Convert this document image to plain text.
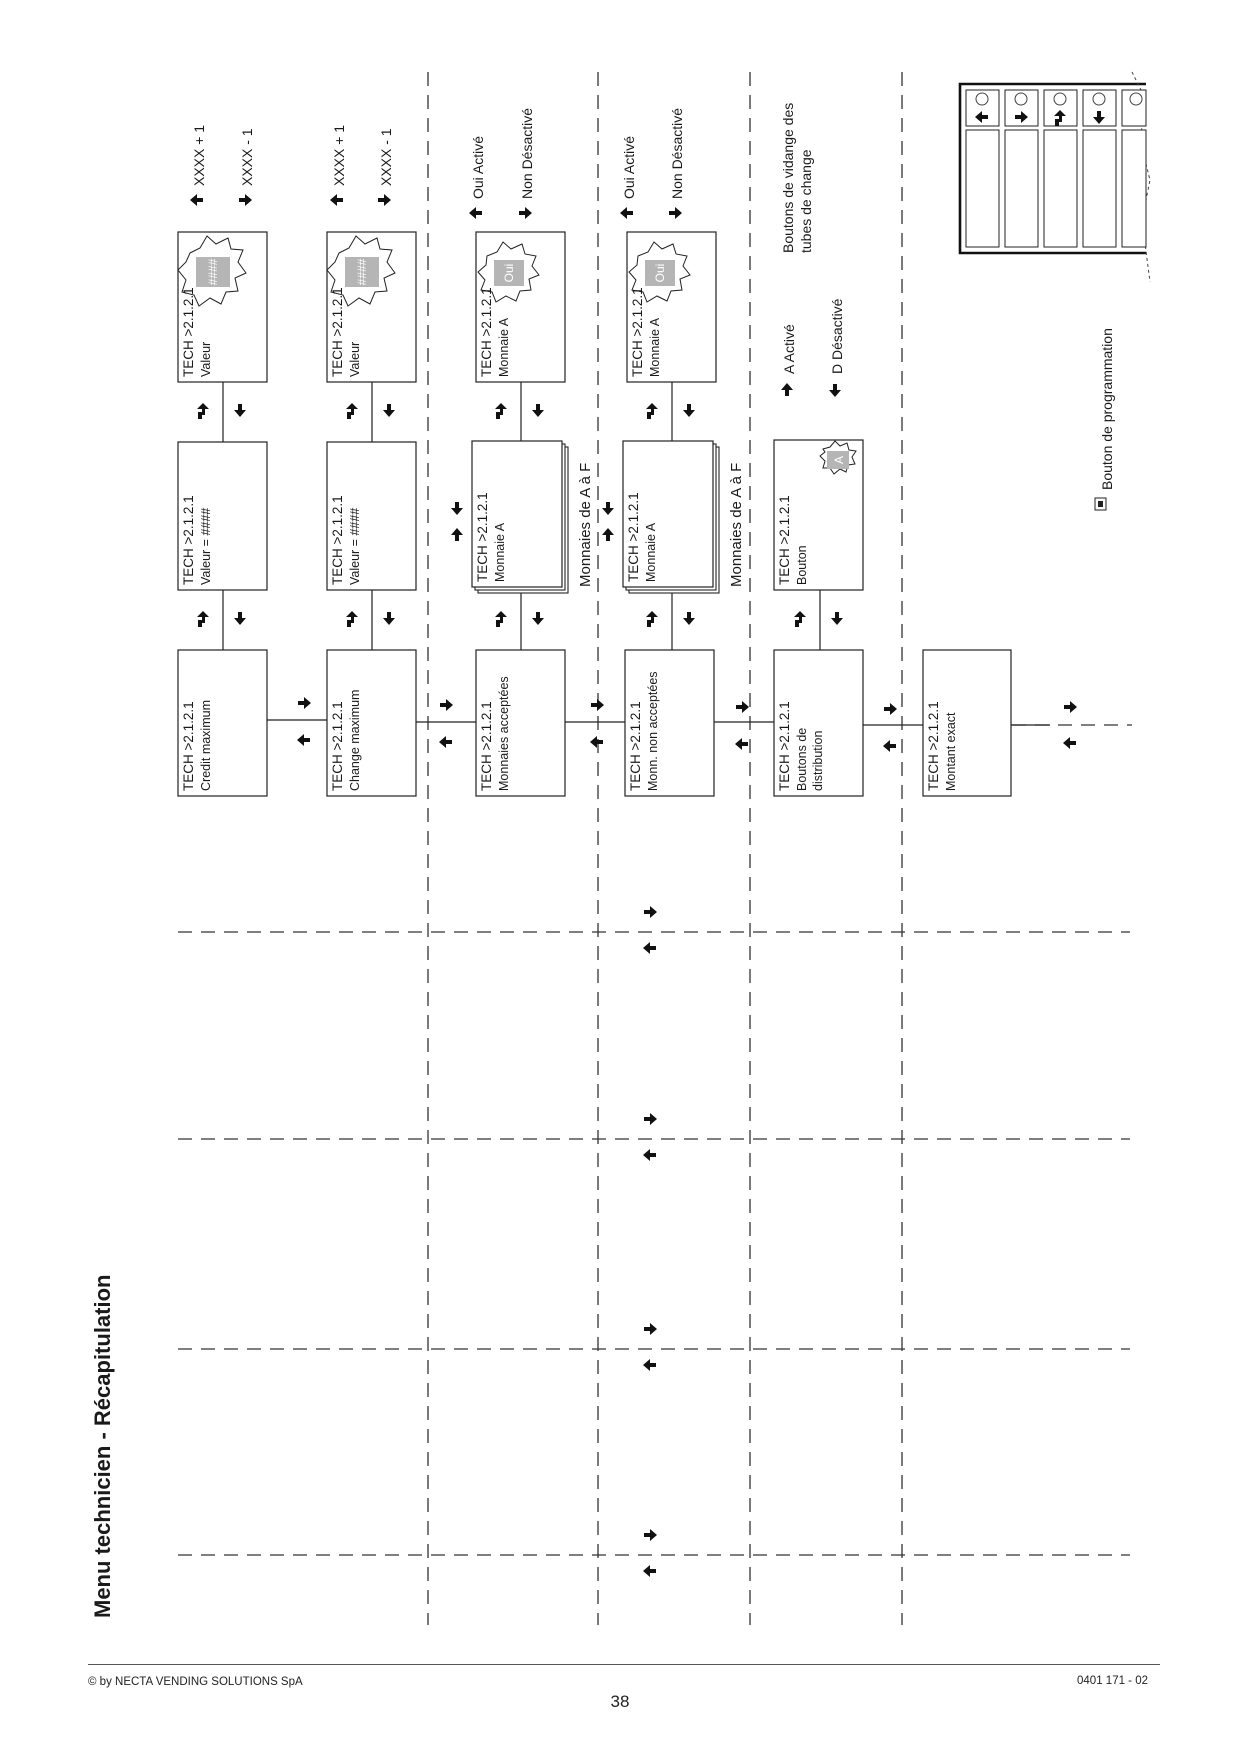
Menu technicien - Récapitulation
TECH >2.1.2.1 Credit maximum	TECH >2.1.2.1 Change maximum	TECH >2.1.2.1 Monnaies acceptées	TECH >2.1.2.1 Monn. non acceptées	TECH >2.1.2.1 Boutons de distribution	TECH >2.1.2.1 Montant exact
TECH >2.1.2.1 Valeur = ####	TECH >2.1.2.1 Valeur = ####	TECH >2.1.2.1 Monnaie A	TECH >2.1.2.1 Monnaie A	TECH >2.1.2.1 Bouton
A
####
TECH >2.1.2.1 Valeur
####
TECH >2.1.2.1 Valeur
Oui
TECH >2.1.2.1 Monnaie A
Oui
TECH >2.1.2.1 Monnaie A
XXXX + 1 XXXX - 1	XXXX + 1 XXXX - 1	Oui Activé Non Désactivé	Oui Activé Non Désactivé
Monnaies de A à F	Monnaies de A à F
A Activé D Désactivé
Boutons de vidange des tubes de change
Bouton de programmation
© by NECTA VENDING SOLUTIONS SpA	0401 171 - 02
38
